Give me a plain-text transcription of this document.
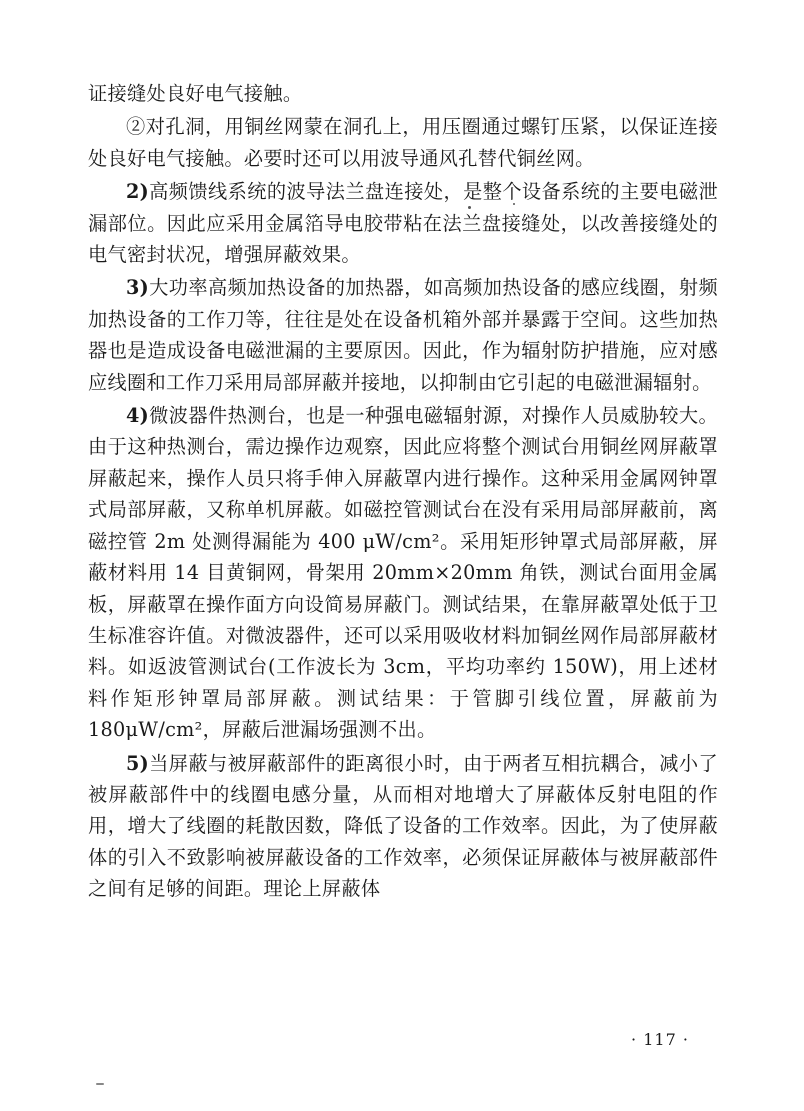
证接缝处良好电气接触。

②对孔洞，用铜丝网蒙在洞孔上，用压圈通过螺钉压紧，以保证连接处良好电气接触。必要时还可以用波导通风孔替代铜丝网。

2)高频馈线系统的波导法兰盘连接处，是整个设备系统的主要电磁泄漏部位。因此应采用金属箔导电胶带粘在法兰盘接缝处，以改善接缝处的电气密封状况，增强屏蔽效果。

3)大功率高频加热设备的加热器，如高频加热设备的感应线圈，射频加热设备的工作刀等，往往是处在设备机箱外部并暴露于空间。这些加热器也是造成设备电磁泄漏的主要原因。因此，作为辐射防护措施，应对感应线圈和工作刀采用局部屏蔽并接地，以抑制由它引起的电磁泄漏辐射。

4)微波器件热测台，也是一种强电磁辐射源，对操作人员威胁较大。由于这种热测台，需边操作边观察，因此应将整个测试台用铜丝网屏蔽罩屏蔽起来，操作人员只将手伸入屏蔽罩内进行操作。这种采用金属网钟罩式局部屏蔽，又称单机屏蔽。如磁控管测试台在没有采用局部屏蔽前，离磁控管 2m 处测得漏能为 400 μW/cm²。采用矩形钟罩式局部屏蔽，屏蔽材料用 14 目黄铜网，骨架用 20mm×20mm 角铁，测试台面用金属板，屏蔽罩在操作面方向设简易屏蔽门。测试结果，在靠屏蔽罩处低于卫生标准容许值。对微波器件，还可以采用吸收材料加铜丝网作局部屏蔽材料。如返波管测试台(工作波长为 3cm，平均功率约 150W)，用上述材料作矩形钟罩局部屏蔽。测试结果：于管脚引线位置，屏蔽前为 180μW/cm²，屏蔽后泄漏场强测不出。

5)当屏蔽与被屏蔽部件的距离很小时，由于两者互相抗耦合，减小了被屏蔽部件中的线圈电感分量，从而相对地增大了屏蔽体反射电阻的作用，增大了线圈的耗散因数，降低了设备的工作效率。因此，为了使屏蔽体的引入不致影响被屏蔽设备的工作效率，必须保证屏蔽体与被屏蔽部件之间有足够的间距。理论上屏蔽体

· 117 ·
